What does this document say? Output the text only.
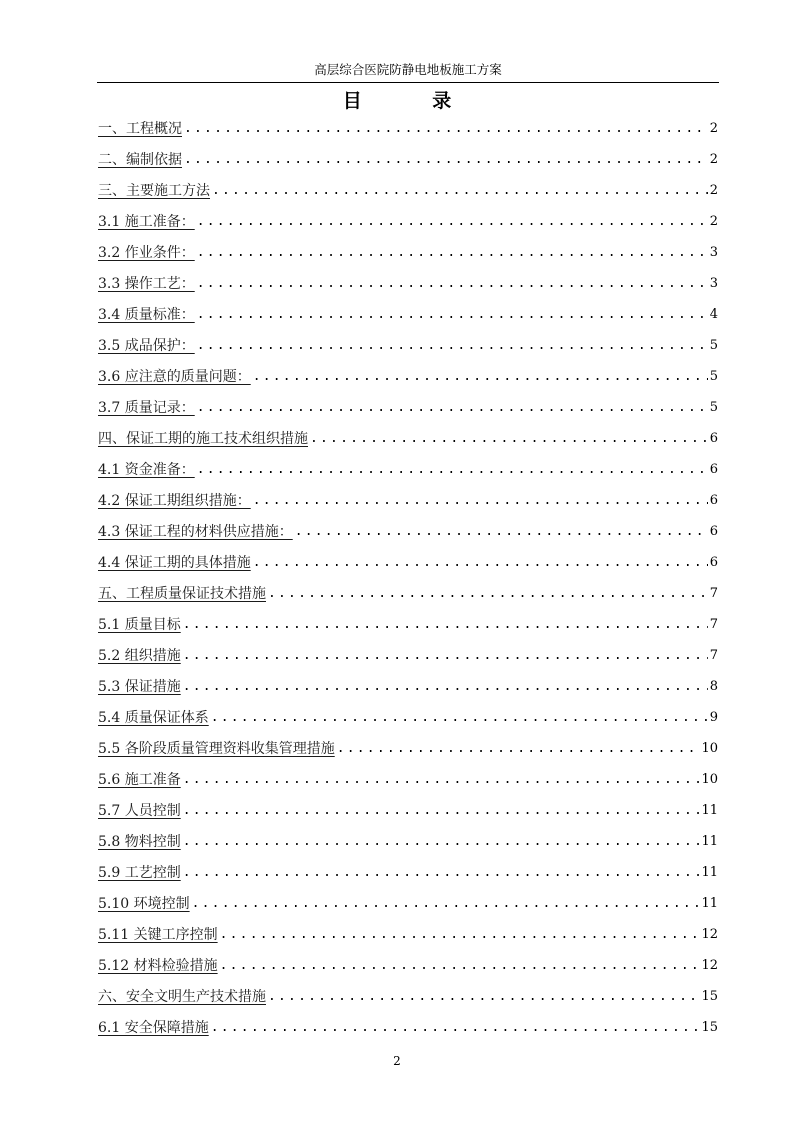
高层综合医院防静电地板施工方案
目 录
一、工程概况 .....	2
二、编制依据 .....	2
三、主要施工方法 .....	2
3.1 施工准备： .....	2
3.2 作业条件： .....	3
3.3 操作工艺： .....	3
3.4 质量标准： .....	4
3.5 成品保护： .....	5
3.6 应注意的质量问题： .....	5
3.7 质量记录： .....	5
四、保证工期的施工技术组织措施 .....	6
4.1 资金准备： .....	6
4.2 保证工期组织措施： .....	6
4.3 保证工程的材料供应措施： .....	6
4.4 保证工期的具体措施 .....	6
五、工程质量保证技术措施 .....	7
5.1 质量目标 .....	7
5.2 组织措施 .....	7
5.3 保证措施 .....	8
5.4 质量保证体系 .....	9
5.5 各阶段质量管理资料收集管理措施 .....	10
5.6 施工准备 .....	10
5.7 人员控制 .....	11
5.8 物料控制 .....	11
5.9 工艺控制 .....	11
5.10 环境控制 .....	11
5.11 关键工序控制 .....	12
5.12 材料检验措施 .....	12
六、安全文明生产技术措施 .....	15
6.1 安全保障措施 .....	15
2
